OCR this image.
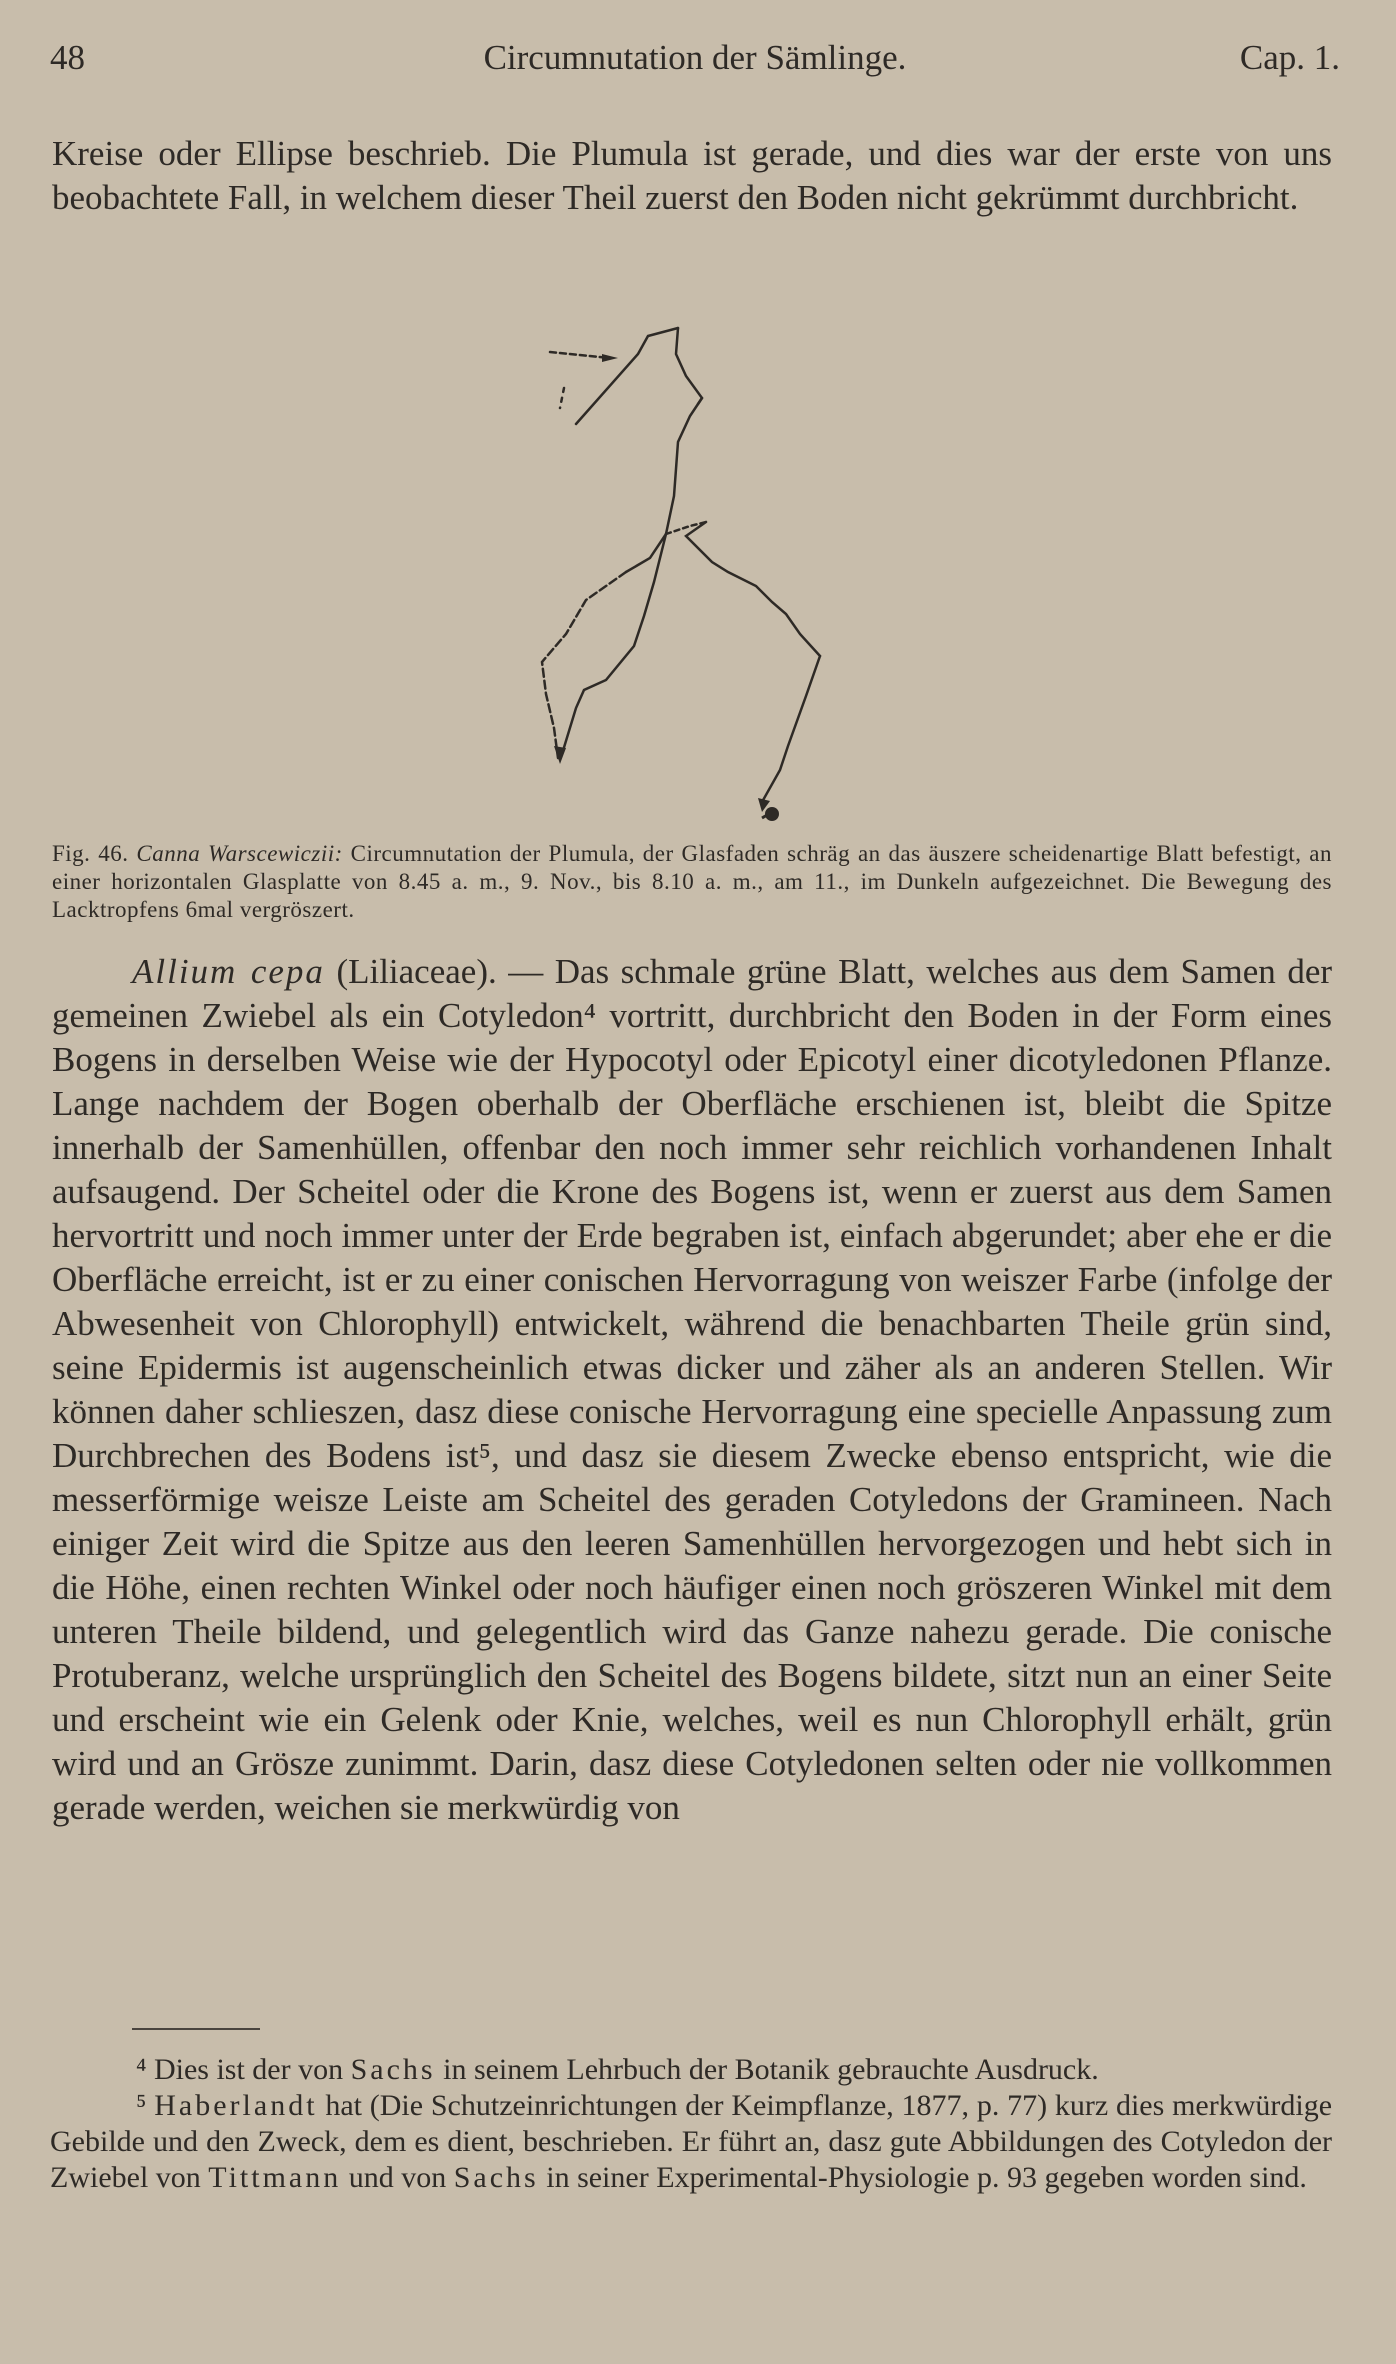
48	Circumnutation der Sämlinge.	Cap. 1.

Kreise oder Ellipse beschrieb. Die Plumula ist gerade, und dies war der erste von uns beobachtete Fall, in welchem dieser Theil zuerst den Boden nicht gekrümmt durchbricht.

Fig. 46. Canna Warscewiczii: Circumnutation der Plumula, der Glasfaden schräg an das äuszere scheidenartige Blatt befestigt, an einer horizontalen Glasplatte von 8.45 a. m., 9. Nov., bis 8.10 a. m., am 11., im Dunkeln aufgezeichnet. Die Bewegung des Lacktropfens 6mal vergröszert.

Allium cepa (Liliaceae). — Das schmale grüne Blatt, welches aus dem Samen der gemeinen Zwiebel als ein Cotyledon⁴ vortritt, durchbricht den Boden in der Form eines Bogens in derselben Weise wie der Hypocotyl oder Epicotyl einer dicotyledonen Pflanze. Lange nachdem der Bogen oberhalb der Oberfläche erschienen ist, bleibt die Spitze innerhalb der Samenhüllen, offenbar den noch immer sehr reichlich vorhandenen Inhalt aufsaugend. Der Scheitel oder die Krone des Bogens ist, wenn er zuerst aus dem Samen hervortritt und noch immer unter der Erde begraben ist, einfach abgerundet; aber ehe er die Oberfläche erreicht, ist er zu einer conischen Hervorragung von weiszer Farbe (infolge der Abwesenheit von Chlorophyll) entwickelt, während die benachbarten Theile grün sind, seine Epidermis ist augenscheinlich etwas dicker und zäher als an anderen Stellen. Wir können daher schlieszen, dasz diese conische Hervorragung eine specielle Anpassung zum Durchbrechen des Bodens ist⁵, und dasz sie diesem Zwecke ebenso entspricht, wie die messerförmige weisze Leiste am Scheitel des geraden Cotyledons der Gramineen. Nach einiger Zeit wird die Spitze aus den leeren Samenhüllen hervorgezogen und hebt sich in die Höhe, einen rechten Winkel oder noch häufiger einen noch gröszeren Winkel mit dem unteren Theile bildend, und gelegentlich wird das Ganze nahezu gerade. Die conische Protuberanz, welche ursprünglich den Scheitel des Bogens bildete, sitzt nun an einer Seite und erscheint wie ein Gelenk oder Knie, welches, weil es nun Chlorophyll erhält, grün wird und an Grösze zunimmt. Darin, dasz diese Cotyledonen selten oder nie vollkommen gerade werden, weichen sie merkwürdig von

⁴ Dies ist der von Sachs in seinem Lehrbuch der Botanik gebrauchte Ausdruck.

⁵ Haberlandt hat (Die Schutzeinrichtungen der Keimpflanze, 1877, p. 77) kurz dies merkwürdige Gebilde und den Zweck, dem es dient, beschrieben. Er führt an, dasz gute Abbildungen des Cotyledon der Zwiebel von Tittmann und von Sachs in seiner Experimental-Physiologie p. 93 gegeben worden sind.
